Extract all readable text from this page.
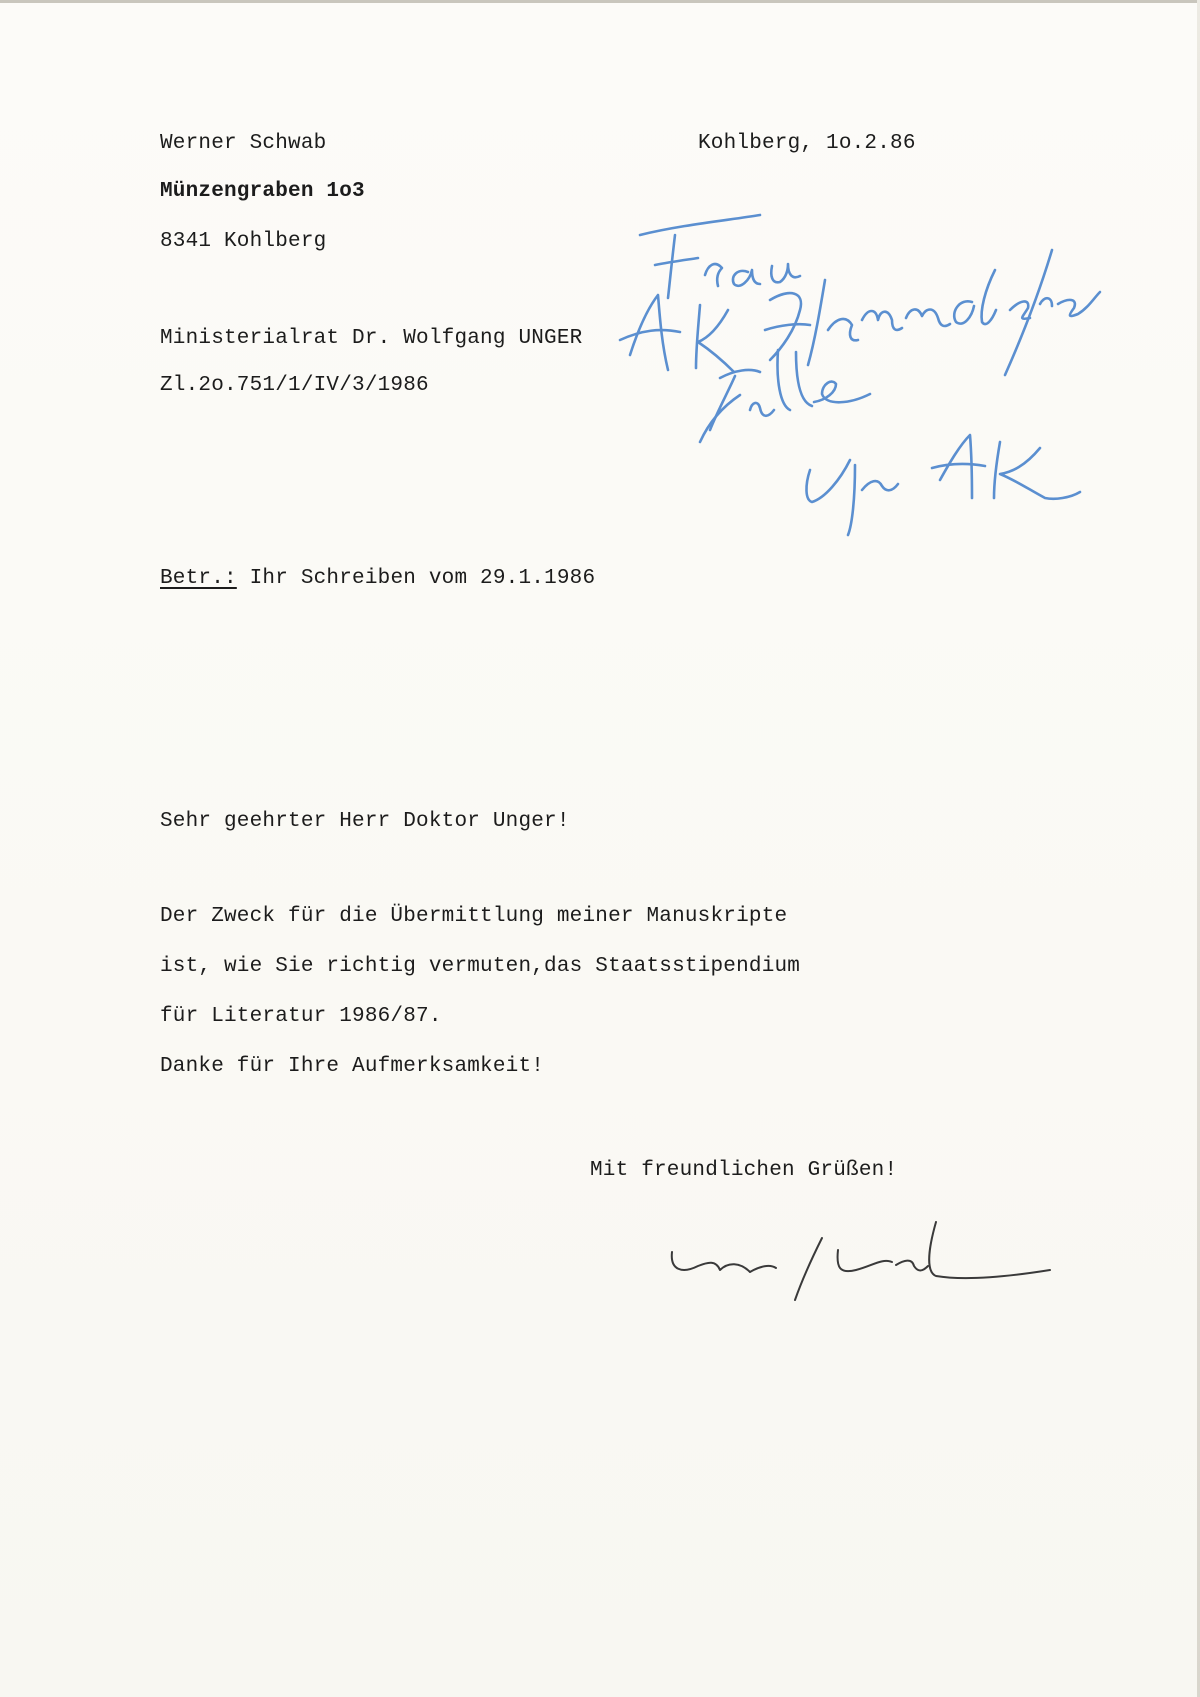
Werner Schwab
Münzengraben 1o3
8341 Kohlberg
Kohlberg, 1o.2.86
Ministerialrat Dr. Wolfgang UNGER
Zl.2o.751/1/IV/3/1986
Betr.: Ihr Schreiben vom 29.1.1986
Sehr geehrter Herr Doktor Unger!
Der Zweck für die Übermittlung meiner Manuskripte
ist, wie Sie richtig vermuten,das Staatsstipendium
für Literatur 1986/87.
Danke für Ihre Aufmerksamkeit!
Mit freundlichen Grüßen!
